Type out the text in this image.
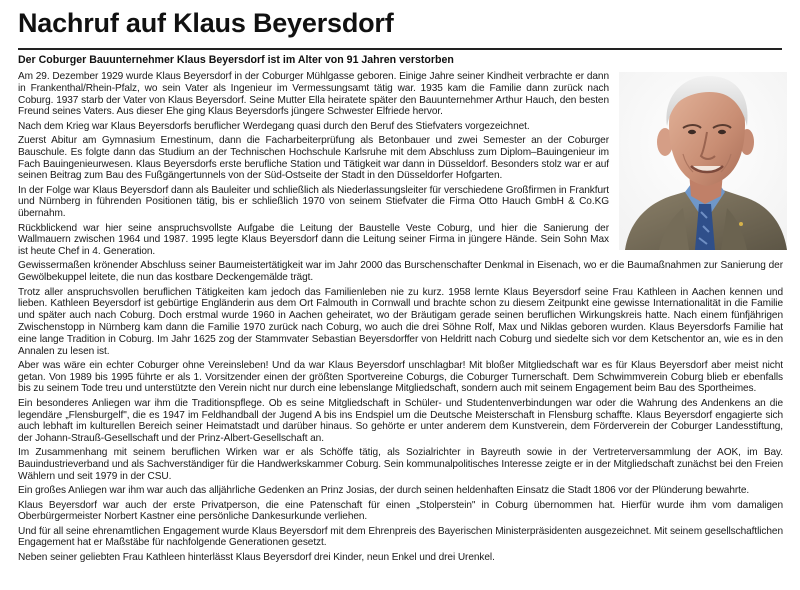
Nachruf auf Klaus Beyersdorf

Der Coburger Bauunternehmer Klaus Beyersdorf ist im Alter von 91 Jahren verstorben

Am 29. Dezember 1929 wurde Klaus Beyersdorf in der Coburger Mühlgasse geboren. Einige Jahre seiner Kindheit verbrachte er dann in Frankenthal/Rhein-Pfalz, wo sein Vater als Ingenieur im Vermessungsamt tätig war. 1935 kam die Familie dann zurück nach Coburg. 1937 starb der Vater von Klaus Beyersdorf. Seine Mutter Ella heiratete später den Bauunternehmer Arthur Hauch, den besten Freund seines Vaters. Aus dieser Ehe ging Klaus Beyersdorfs jüngere Schwester Elfriede hervor.

Nach dem Krieg war Klaus Beyersdorfs beruflicher Werdegang quasi durch den Beruf des Stiefvaters vorgezeichnet.

Zuerst Abitur am Gymnasium Ernestinum, dann die Facharbeiterprüfung als Betonbauer und zwei Semester an der Coburger Bauschule. Es folgte dann das Studium an der Technischen Hochschule Karlsruhe mit dem Abschluss zum Diplom–Bauingenieur im Fach Bauingenieurwesen. Klaus Beyersdorfs erste berufliche Station und Tätigkeit war dann in Düsseldorf. Besonders stolz war er auf seinen Beitrag zum Bau des Fußgängertunnels von der Süd-Ostseite der Stadt in den Düsseldorfer Hofgarten.

In der Folge war Klaus Beyersdorf dann als Bauleiter und schließlich als Niederlassungsleiter für verschiedene Großfirmen in Frankfurt und Nürnberg in führenden Positionen tätig, bis er schließlich 1970 von seinem Stiefvater die Firma Otto Hauch GmbH & Co.KG übernahm.

Rückblickend war hier seine anspruchsvollste Aufgabe die Leitung der Baustelle Veste Coburg, und hier die Sanierung der Wallmauern zwischen 1964 und 1987. 1995 legte Klaus Beyersdorf dann die Leitung seiner Firma in jüngere Hände. Sein Sohn Max ist heute Chef in 4. Generation.

Gewissermaßen krönender Abschluss seiner Baumeistertätigkeit war im Jahr 2000 das Burschenschafter Denkmal in Eisenach, wo er die Baumaßnahmen zur Sanierung der Gewölbekuppel leitete, die nun das kostbare Deckengemälde trägt.

Trotz aller anspruchsvollen beruflichen Tätigkeiten kam jedoch das Familienleben nie zu kurz. 1958 lernte Klaus Beyersdorf seine Frau Kathleen in Aachen kennen und lieben. Kathleen Beyersdorf ist gebürtige Engländerin aus dem Ort Falmouth in Cornwall und brachte schon zu diesem Zeitpunkt eine gewisse Internationalität in die Familie und später auch nach Coburg. Doch erstmal wurde 1960 in Aachen geheiratet, wo der Bräutigam gerade seinen beruflichen Wirkungskreis hatte. Nach einem fünfjährigen Zwischenstopp in Nürnberg kam dann die Familie 1970 zurück nach Coburg, wo auch die drei Söhne Rolf, Max und Niklas geboren wurden. Klaus Beyersdorfs Familie hat eine lange Tradition in Coburg. Im Jahr 1625 zog der Stammvater Sebastian Beyersdorffer von Heldritt nach Coburg und siedelte sich vor dem Ketschentor an, wie es in den Annalen zu lesen ist.

Aber was wäre ein echter Coburger ohne Vereinsleben! Und da war Klaus Beyersdorf unschlagbar! Mit bloßer Mitgliedschaft war es für Klaus Beyersdorf aber meist nicht getan. Von 1989 bis 1995 führte er als 1. Vorsitzender einen der größten Sportvereine Coburgs, die Coburger Turnerschaft. Dem Schwimmverein Coburg blieb er ebenfalls bis zu seinem Tode treu und unterstützte den Verein nicht nur durch eine lebenslange Mitgliedschaft, sondern auch mit seinem Engagement beim Bau des Sportheimes.

Ein besonderes Anliegen war ihm die Traditionspflege. Ob es seine Mitgliedschaft in Schüler- und Studentenverbindungen war oder die Wahrung des Andenkens an die legendäre „Flensburgelf", die es 1947 im Feldhandball der Jugend A bis ins Endspiel um die Deutsche Meisterschaft in Flensburg schaffte. Klaus Beyersdorf engagierte sich auch lebhaft im kulturellen Bereich seiner Heimatstadt und darüber hinaus. So gehörte er unter anderem dem Kunstverein, dem Förderverein der Coburger Landesstiftung, der Johann-Strauß-Gesellschaft und der Prinz-Albert-Gesellschaft an.

Im Zusammenhang mit seinem beruflichen Wirken war er als Schöffe tätig, als Sozialrichter in Bayreuth sowie in der Vertreterversammlung der AOK, im Bay. Bauindustrieverband und als Sachverständiger für die Handwerkskammer Coburg. Sein kommunalpolitisches Interesse zeigte er in der Mitgliedschaft zunächst bei den Freien Wählern und seit 1979 in der CSU.

Ein großes Anliegen war ihm war auch das alljährliche Gedenken an Prinz Josias, der durch seinen heldenhaften Einsatz die Stadt 1806 vor der Plünderung bewahrte.

Klaus Beyersdorf war auch der erste Privatperson, die eine Patenschaft für einen „Stolperstein" in Coburg übernommen hat. Hierfür wurde ihm vom damaligen Oberbürgermeister Norbert Kastner eine persönliche Dankesurkunde verliehen.

Und für all seine ehrenamtlichen Engagement wurde Klaus Beyersdorf mit dem Ehrenpreis des Bayerischen Ministerpräsidenten ausgezeichnet. Mit seinem gesellschaftlichen Engagement hat er Maßstäbe für nachfolgende Generationen gesetzt.

Neben seiner geliebten Frau Kathleen hinterlässt Klaus Beyersdorf drei Kinder, neun Enkel und drei Urenkel.
